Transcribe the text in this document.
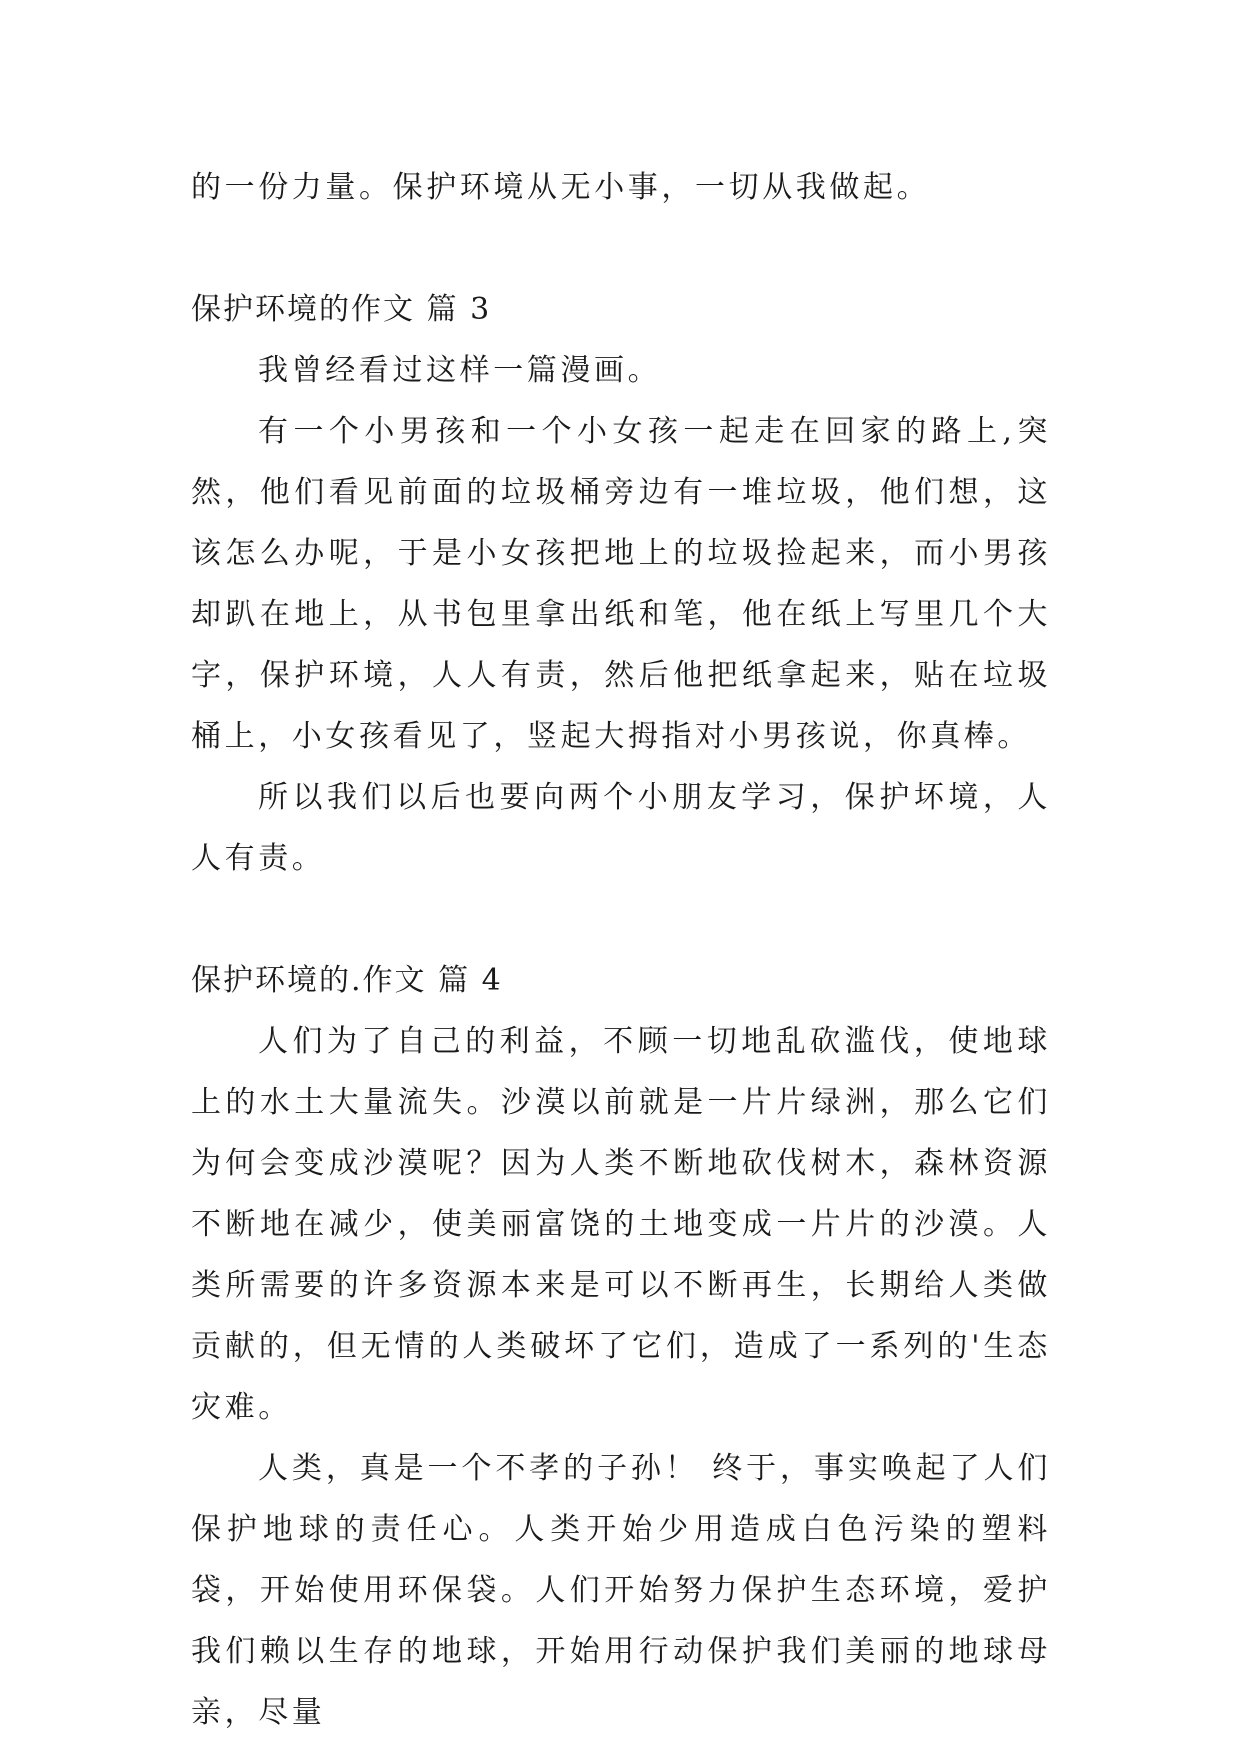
的一份力量。保护环境从无小事，一切从我做起。

保护环境的作文 篇 3

我曾经看过这样一篇漫画。

有一个小男孩和一个小女孩一起走在回家的路上,突然，他们看见前面的垃圾桶旁边有一堆垃圾，他们想，这该怎么办呢，于是小女孩把地上的垃圾捡起来，而小男孩却趴在地上，从书包里拿出纸和笔，他在纸上写里几个大字，保护环境，人人有责，然后他把纸拿起来，贴在垃圾桶上，小女孩看见了，竖起大拇指对小男孩说，你真棒。

所以我们以后也要向两个小朋友学习，保护坏境，人人有责。

保护环境的.作文 篇 4

人们为了自己的利益，不顾一切地乱砍滥伐，使地球上的水土大量流失。沙漠以前就是一片片绿洲，那么它们为何会变成沙漠呢？因为人类不断地砍伐树木，森林资源不断地在减少，使美丽富饶的土地变成一片片的沙漠。人类所需要的许多资源本来是可以不断再生，长期给人类做贡献的，但无情的人类破坏了它们，造成了一系列的'生态灾难。

人类，真是一个不孝的子孙！ 终于，事实唤起了人们保护地球的责任心。人类开始少用造成白色污染的塑料袋，开始使用环保袋。人们开始努力保护生态环境，爱护我们赖以生存的地球，开始用行动保护我们美丽的地球母亲，尽量
